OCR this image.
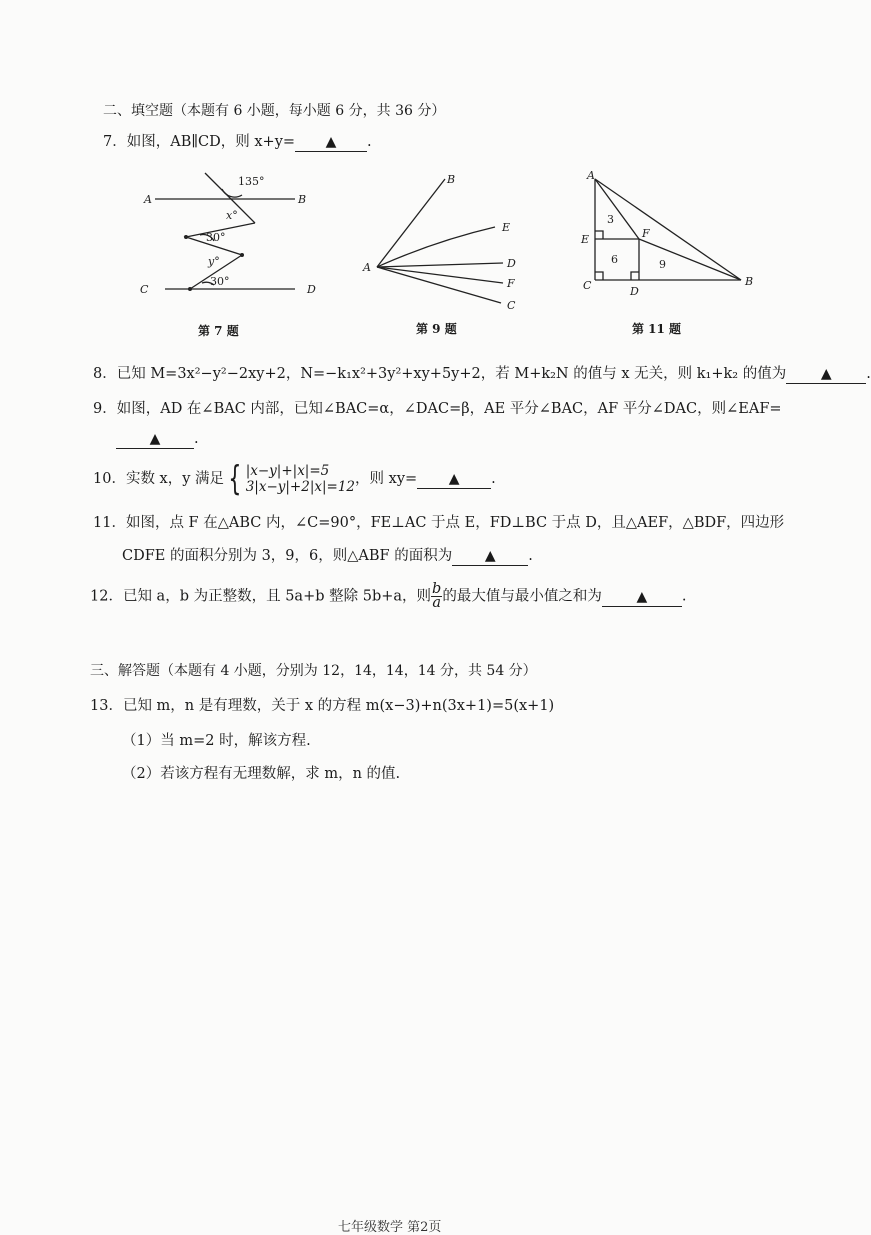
二、填空题（本题有 6 小题，每小题 6 分，共 36 分）
7．如图，AB∥CD，则 x+y= ▲ .
A	B
C	D
135°
x°
30°
y°
30°
第 7 题
A
B
E
D
F
C
第 9 题
A
E	F
C	D
B
3
6	9
第 11 题
8．已知 M=3x²−y²−2xy+2，N=−k₁x²+3y²+xy+5y+2，若 M+k₂N 的值与 x 无关，则 k₁+k₂ 的值为 ▲ .
9．如图，AD 在∠BAC 内部，已知∠BAC=α，∠DAC=β，AE 平分∠BAC，AF 平分∠DAC，则∠EAF=
▲ .
10．实数 x，y 满足 { |x−y|+|x|=5
3|x−y|+2|x|=12 ，则 xy= ▲ .
11．如图，点 F 在△ABC 内，∠C=90°，FE⊥AC 于点 E，FD⊥BC 于点 D，且△AEF，△BDF，四边形
CDFE 的面积分别为 3，9，6，则△ABF 的面积为 ▲ .
12．已知 a，b 为正整数，且 5a+b 整除 5b+a，则 $\frac{b}{a}$ 的最大值与最小值之和为 ▲ .
三、解答题（本题有 4 小题，分别为 12，14，14，14 分，共 54 分）
13．已知 m，n 是有理数，关于 x 的方程 m(x−3)+n(3x+1)=5(x+1)
（1）当 m=2 时，解该方程.
（2）若该方程有无理数解，求 m，n 的值.
七年级数学 第2页
